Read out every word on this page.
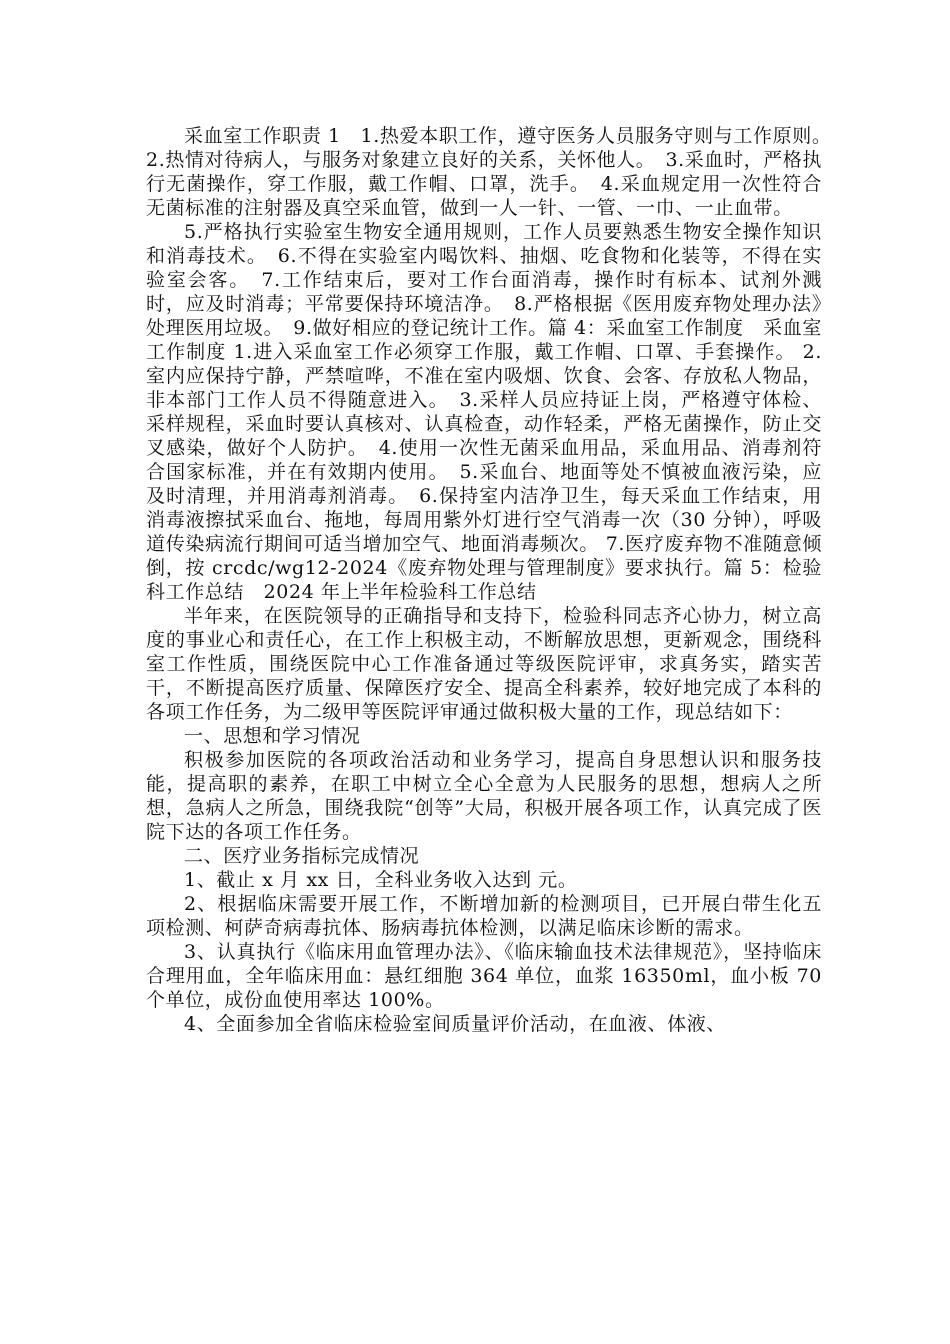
采血室工作职责 1　1.热爱本职工作，遵守医务人员服务守则与工作原则。　2.热情对待病人，与服务对象建立良好的关系，关怀他人。　3.采血时，严格执行无菌操作，穿工作服，戴工作帽、口罩，洗手。　4.采血规定用一次性符合无菌标准的注射器及真空采血管，做到一人一针、一管、一巾、一止血带。

5.严格执行实验室生物安全通用规则，工作人员要熟悉生物安全操作知识和消毒技术。　6.不得在实验室内喝饮料、抽烟、吃食物和化装等，不得在实验室会客。　7.工作结束后，要对工作台面消毒，操作时有标本、试剂外溅时，应及时消毒；平常要保持环境洁净。　8.严格根据《医用废弃物处理办法》处理医用垃圾。　9.做好相应的登记统计工作。篇 4：采血室工作制度　采血室工作制度 1.进入采血室工作必须穿工作服，戴工作帽、口罩、手套操作。 2.室内应保持宁静，严禁喧哗，不准在室内吸烟、饮食、会客、存放私人物品，非本部门工作人员不得随意进入。　3.采样人员应持证上岗，严格遵守体检、采样规程，采血时要认真核对、认真检查，动作轻柔，严格无菌操作，防止交叉感染，做好个人防护。　4.使用一次性无菌采血用品，采血用品、消毒剂符合国家标准，并在有效期内使用。　5.采血台、地面等处不慎被血液污染，应及时清理，并用消毒剂消毒。　6.保持室内洁净卫生，每天采血工作结束，用消毒液擦拭采血台、拖地，每周用紫外灯进行空气消毒一次（30 分钟），呼吸道传染病流行期间可适当增加空气、地面消毒频次。 7.医疗废弃物不准随意倾倒，按 crcdc/wg12-2024《废弃物处理与管理制度》要求执行。篇 5：检验科工作总结　2024 年上半年检验科工作总结

半年来，在医院领导的正确指导和支持下，检验科同志齐心协力，树立高度的事业心和责任心，在工作上积极主动，不断解放思想，更新观念，围绕科室工作性质，围绕医院中心工作准备通过等级医院评审，求真务实，踏实苦干，不断提高医疗质量、保障医疗安全、提高全科素养，较好地完成了本科的各项工作任务，为二级甲等医院评审通过做积极大量的工作，现总结如下：

一、思想和学习情况

积极参加医院的各项政治活动和业务学习，提高自身思想认识和服务技能，提高职的素养，在职工中树立全心全意为人民服务的思想，想病人之所想，急病人之所急，围绕我院“创等”大局，积极开展各项工作，认真完成了医院下达的各项工作任务。

二、医疗业务指标完成情况

1、截止 x 月 xx 日，全科业务收入达到 元。

2、根据临床需要开展工作，不断增加新的检测项目，已开展白带生化五项检测、柯萨奇病毒抗体、肠病毒抗体检测，以满足临床诊断的需求。

3、认真执行《临床用血管理办法》、《临床输血技术法律规范》，坚持临床合理用血，全年临床用血：悬红细胞 364 单位，血浆 16350ml，血小板 70 个单位，成份血使用率达 100%。

4、全面参加全省临床检验室间质量评价活动，在血液、体液、
